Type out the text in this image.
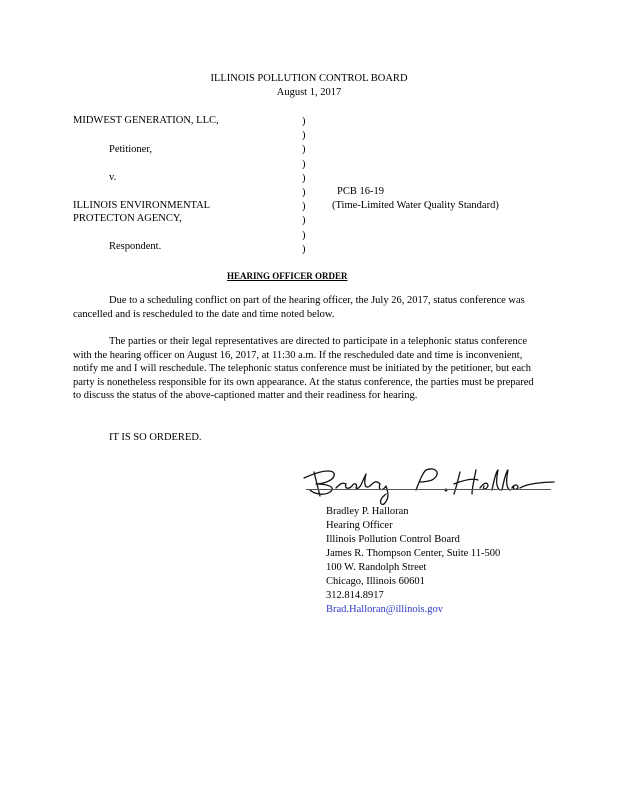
ILLINOIS POLLUTION CONTROL BOARD
August 1, 2017
MIDWEST GENERATION, LLC,
Petitioner,
v.
ILLINOIS ENVIRONMENTAL
PROTECTON AGENCY,
Respondent.
)
)
)
)
)
)
)
)
)
)
PCB 16-19
(Time-Limited Water Quality Standard)
HEARING OFFICER ORDER
Due to a scheduling conflict on part of the hearing officer, the July 26, 2017, status conference was cancelled and is rescheduled to the date and time noted below.
The parties or their legal representatives are directed to participate in a telephonic status conference with the hearing officer on August 16, 2017, at 11:30 a.m. If the rescheduled date and time is inconvenient, notify me and I will reschedule. The telephonic status conference must be initiated by the petitioner, but each party is nonetheless responsible for its own appearance. At the status conference, the parties must be prepared to discuss the status of the above-captioned matter and their readiness for hearing.
IT IS SO ORDERED.
Bradley P. Halloran
Hearing Officer
Illinois Pollution Control Board
James R. Thompson Center, Suite 11-500
100 W. Randolph Street
Chicago, Illinois 60601
312.814.8917
Brad.Halloran@illinois.gov
